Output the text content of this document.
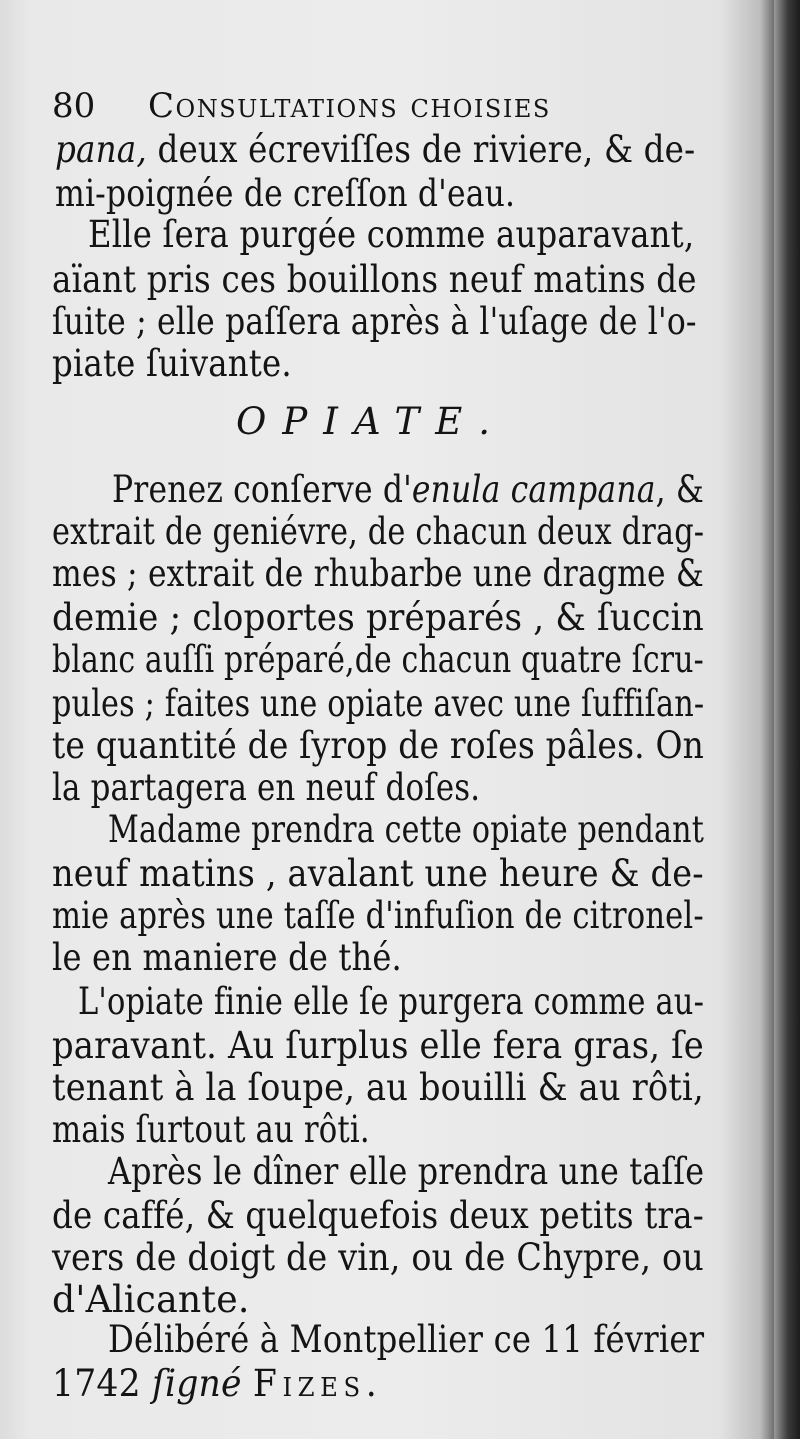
80 Consultations choisies
OPIATE.
pana, deux écreviſſes de riviere, & de-
mi-poignée de creſſon d'eau.
Elle ſera purgée comme auparavant,
aïant pris ces bouillons neuf matins de
ſuite ; elle paſſera après à l'uſage de l'o-
piate ſuivante.
Prenez conſerve d'enula campana, &
extrait de geniévre, de chacun deux drag-
mes ; extrait de rhubarbe une dragme &
demie ; cloportes préparés , & ſuccin
blanc auſſi préparé,de chacun quatre ſcru-
pules ; faites une opiate avec une ſuffiſan-
te quantité de ſyrop de roſes pâles. On
la partagera en neuf doſes.
Madame prendra cette opiate pendant
neuf matins , avalant une heure & de-
mie après une taſſe d'infuſion de citronel-
le en maniere de thé.
L'opiate finie elle ſe purgera comme au-
paravant. Au ſurplus elle fera gras, ſe
tenant à la ſoupe, au bouilli & au rôti,
mais ſurtout au rôti.
Après le dîner elle prendra une taſſe
de caffé, & quelquefois deux petits tra-
vers de doigt de vin, ou de Chypre, ou
d'Alicante.
Délibéré à Montpellier ce 11 février
1742 ſigné Fizes.
